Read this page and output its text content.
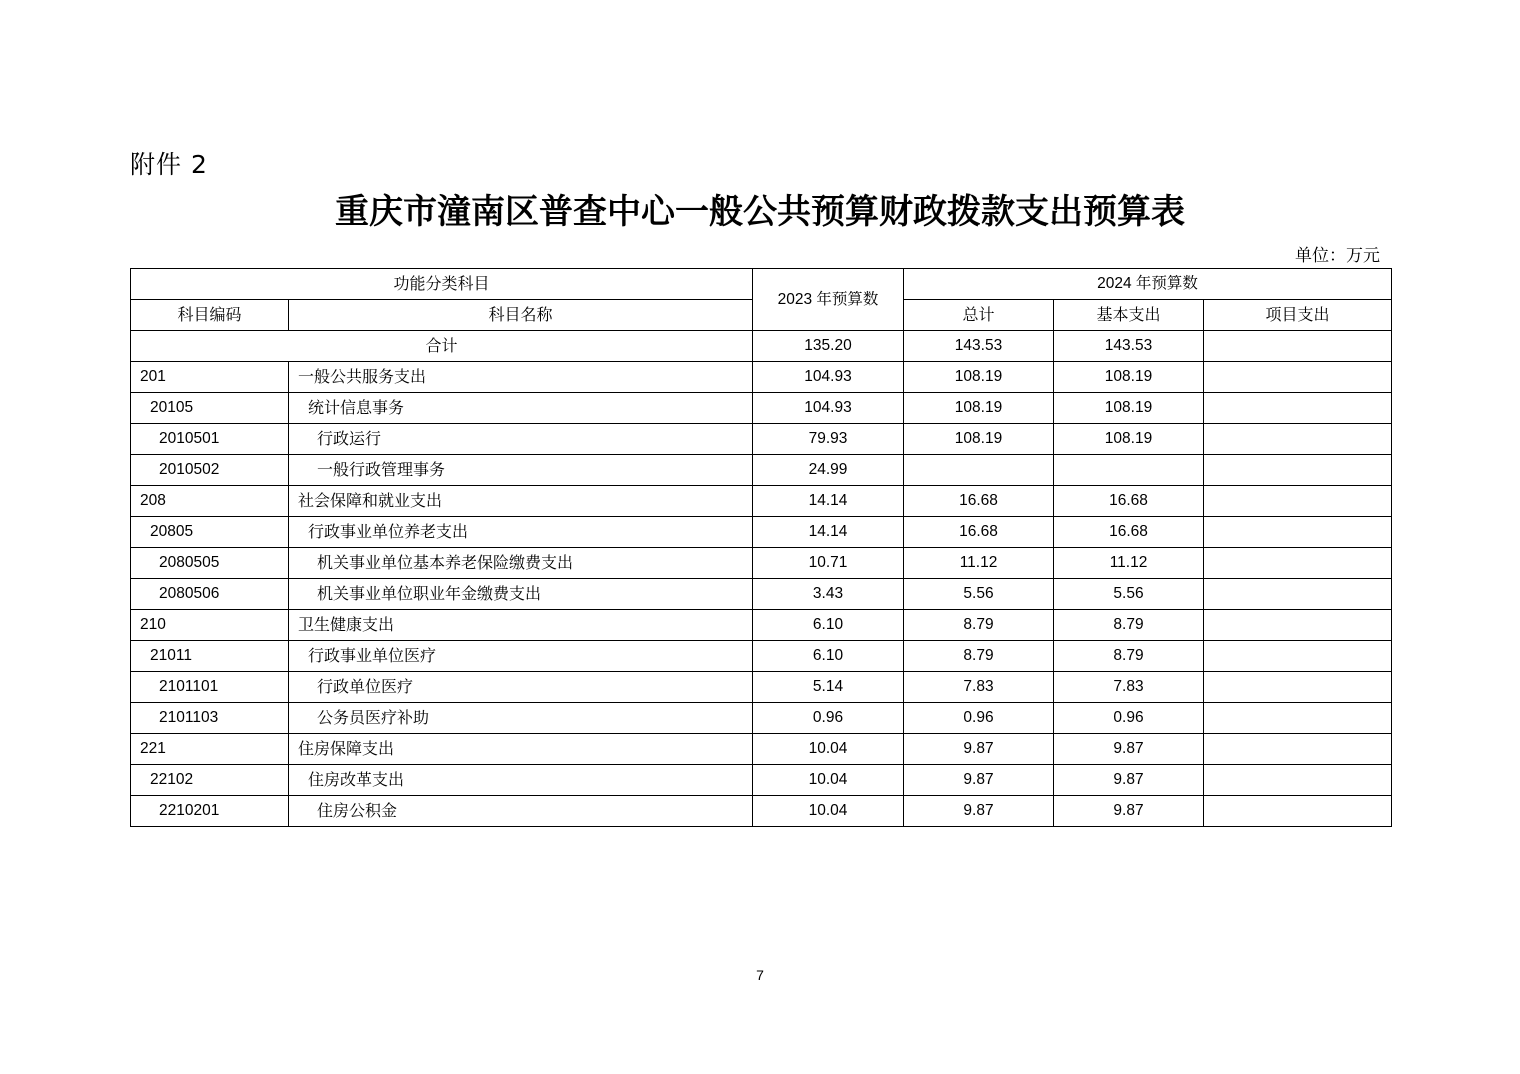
附件 2
重庆市潼南区普查中心一般公共预算财政拨款支出预算表
单位：万元
功能分类科目		2023 年预算数	2024 年预算数		
科目编码	科目名称		总计	基本支出	项目支出
合计		135.20	143.53	143.53	
201	一般公共服务支出	104.93	108.19	108.19	
20105	统计信息事务	104.93	108.19	108.19	
2010501	行政运行	79.93	108.19	108.19	
2010502	一般行政管理事务	24.99			
208	社会保障和就业支出	14.14	16.68	16.68	
20805	行政事业单位养老支出	14.14	16.68	16.68	
2080505	机关事业单位基本养老保险缴费支出	10.71	11.12	11.12	
2080506	机关事业单位职业年金缴费支出	3.43	5.56	5.56	
210	卫生健康支出	6.10	8.79	8.79	
21011	行政事业单位医疗	6.10	8.79	8.79	
2101101	行政单位医疗	5.14	7.83	7.83	
2101103	公务员医疗补助	0.96	0.96	0.96	
221	住房保障支出	10.04	9.87	9.87	
22102	住房改革支出	10.04	9.87	9.87	
2210201	住房公积金	10.04	9.87	9.87	
7
